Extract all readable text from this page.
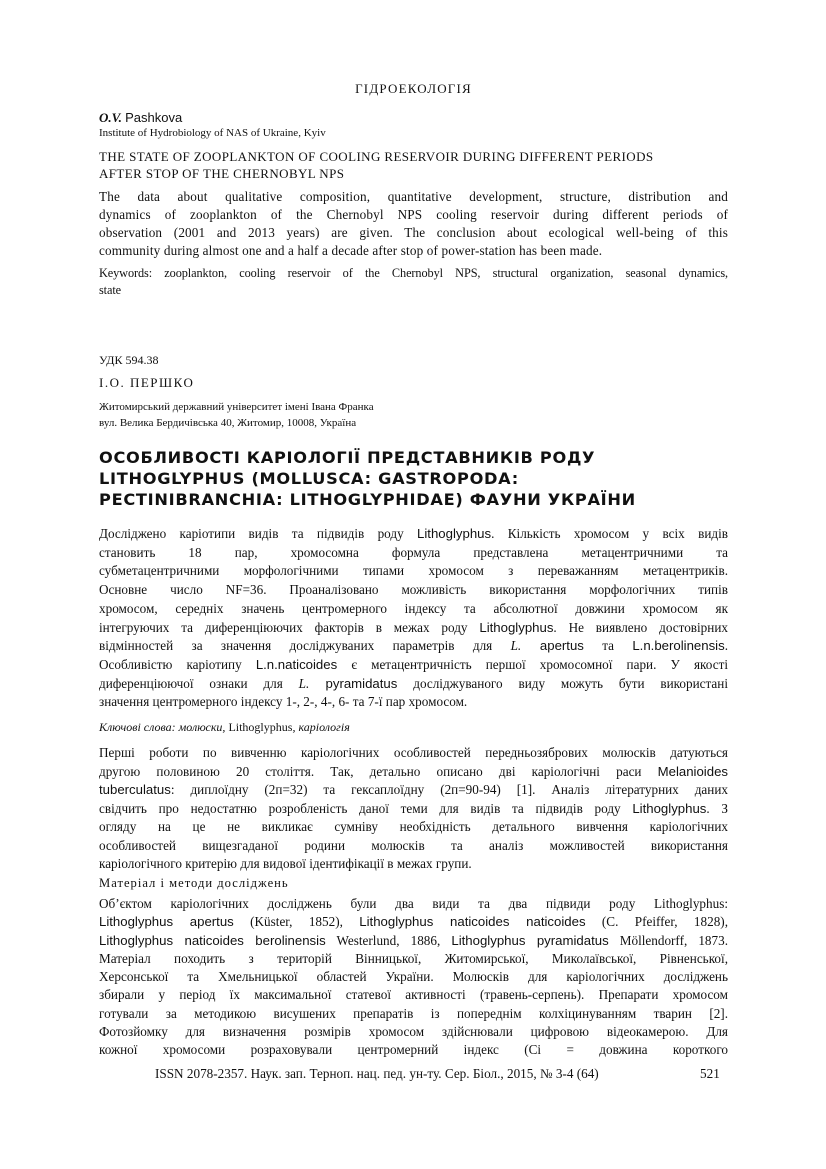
ГІДРОЕКОЛОГІЯ
O.V. Pashkova
Institute of Hydrobiology of NAS of Ukraine, Kyiv
THE STATE OF ZOOPLANKTON OF COOLING RESERVOIR DURING DIFFERENT PERIODS
AFTER STOP OF THE CHERNOBYL NPS
The data about qualitative composition, quantitative development, structure, distribution and
dynamics of zooplankton of the Chernobyl NPS cooling reservoir during different periods of
observation (2001 and 2013 years) are given. The conclusion about ecological well-being of this
community during almost one and a half a decade after stop of power-station has been made.
Keywords: zooplankton, cooling reservoir of the Chernobyl NPS, structural organization, seasonal dynamics,
state
УДК 594.38
І.О. ПЕРШКО
Житомирський державний університет імені Івана Франка
вул. Велика Бердичівська 40, Житомир, 10008, Україна
ОСОБЛИВОСТІ КАРІОЛОГІЇ ПРЕДСТАВНИКІВ РОДУ
LITHOGLYPHUS (MOLLUSCA: GASTROPODA:
PECTINIBRANCHIA: LITHOGLYPHIDAE) ФАУНИ УКРАЇНИ
Досліджено каріотипи видів та підвидів роду Lithoglyphus. Кількість хромосом у всіх видів
становить 18 пар, хромосомна формула представлена метацентричними та
субметацентричними морфологічними типами хромосом з переважанням метацентриків.
Основне число NF=36. Проаналізовано можливість використання морфологічних типів
хромосом, середніх значень центромерного індексу та абсолютної довжини хромосом як
інтегруючих та диференціюючих факторів в межах роду Lithoglyphus. Не виявлено достовірних
відмінностей за значення досліджуваних параметрів для L. apertus та L.n.berolinensis.
Особливістю каріотипу L.n.naticoides є метацентричність першої хромосомної пари. У якості
диференціюючої ознаки для L. pyramidatus досліджуваного виду можуть бути використані
значення центромерного індексу 1-, 2-, 4-, 6- та 7-ї пар хромосом.
Ключові слова: молюски, Lithoglyphus, каріологія
Перші роботи по вивченню каріологічних особливостей передньозябрових молюсків датуються
другою половиною 20 століття. Так, детально описано дві каріологічні раси Melanioides
tuberculatus: диплоїдну (2п=32) та гексаплоїдну (2п=90-94) [1]. Аналіз літературних даних
свідчить про недостатню розробленість даної теми для видів та підвидів роду Lithoglyphus. З
огляду на це не викликає сумніву необхідність детального вивчення каріологічних
особливостей вищезгаданої родини молюсків та аналіз можливостей використання
каріологічного критерію для видової ідентифікації в межах групи.
Матеріал і методи досліджень
Об’єктом каріологічних досліджень були два види та два підвиди роду Lithoglyphus:
Lithoglyphus apertus (Küster, 1852), Lithoglyphus naticoides naticoides (C. Pfeiffer, 1828),
Lithoglyphus naticoides berolinensis Westerlund, 1886, Lithoglyphus pyramidatus Möllendorff, 1873.
Матеріал походить з територій Вінницької, Житомирської, Миколаївської, Рівненської,
Херсонської та Хмельницької областей України. Молюсків для каріологічних досліджень
збирали у період їх максимальної статевої активності (травень-серпень). Препарати хромосом
готували за методикою висушених препаратів із попереднім колхіцинуванням тварин [2].
Фотозйомку для визначення розмірів хромосом здійснювали цифровою відеокамерою. Для
кожної хромосоми розраховували центромерний індекс (Ci = довжина короткого
ISSN 2078-2357. Наук. зап. Терноп. нац. пед. ун-ту. Сер. Біол., 2015, № 3-4 (64)	521
